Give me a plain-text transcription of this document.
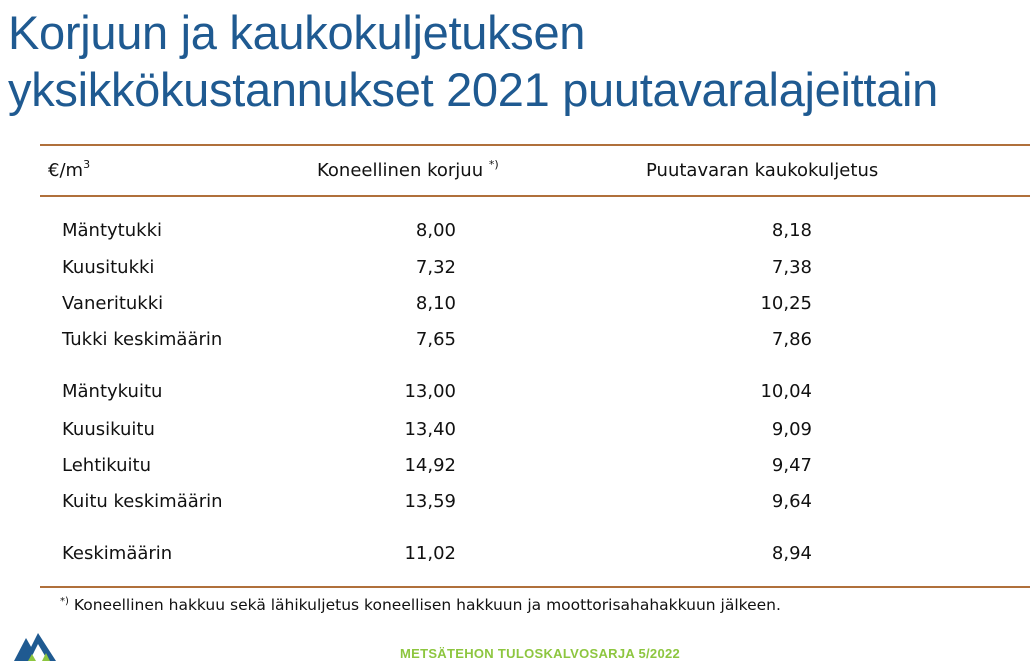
Korjuun ja kaukokuljetuksen
yksikkökustannukset 2021 puutavaralajeittain
$€/m^3$	Koneellinen korjuu *)	Puutavaran kaukokuljetus
Mäntytukki	8,00	8,18
Kuusitukki	7,32	7,38
Vaneritukki	8,10	10,25
Tukki keskimäärin	7,65	7,86
Mäntykuitu	13,00	10,04
Kuusikuitu	13,40	9,09
Lehtikuitu	14,92	9,47
Kuitu keskimäärin	13,59	9,64
Keskimäärin	11,02	8,94
*) Koneellinen hakkuu sekä lähikuljetus koneellisen hakkuun ja moottorisahahakkuun jälkeen.
METSÄTEHON TULOSKALVOSARJA 5/2022
